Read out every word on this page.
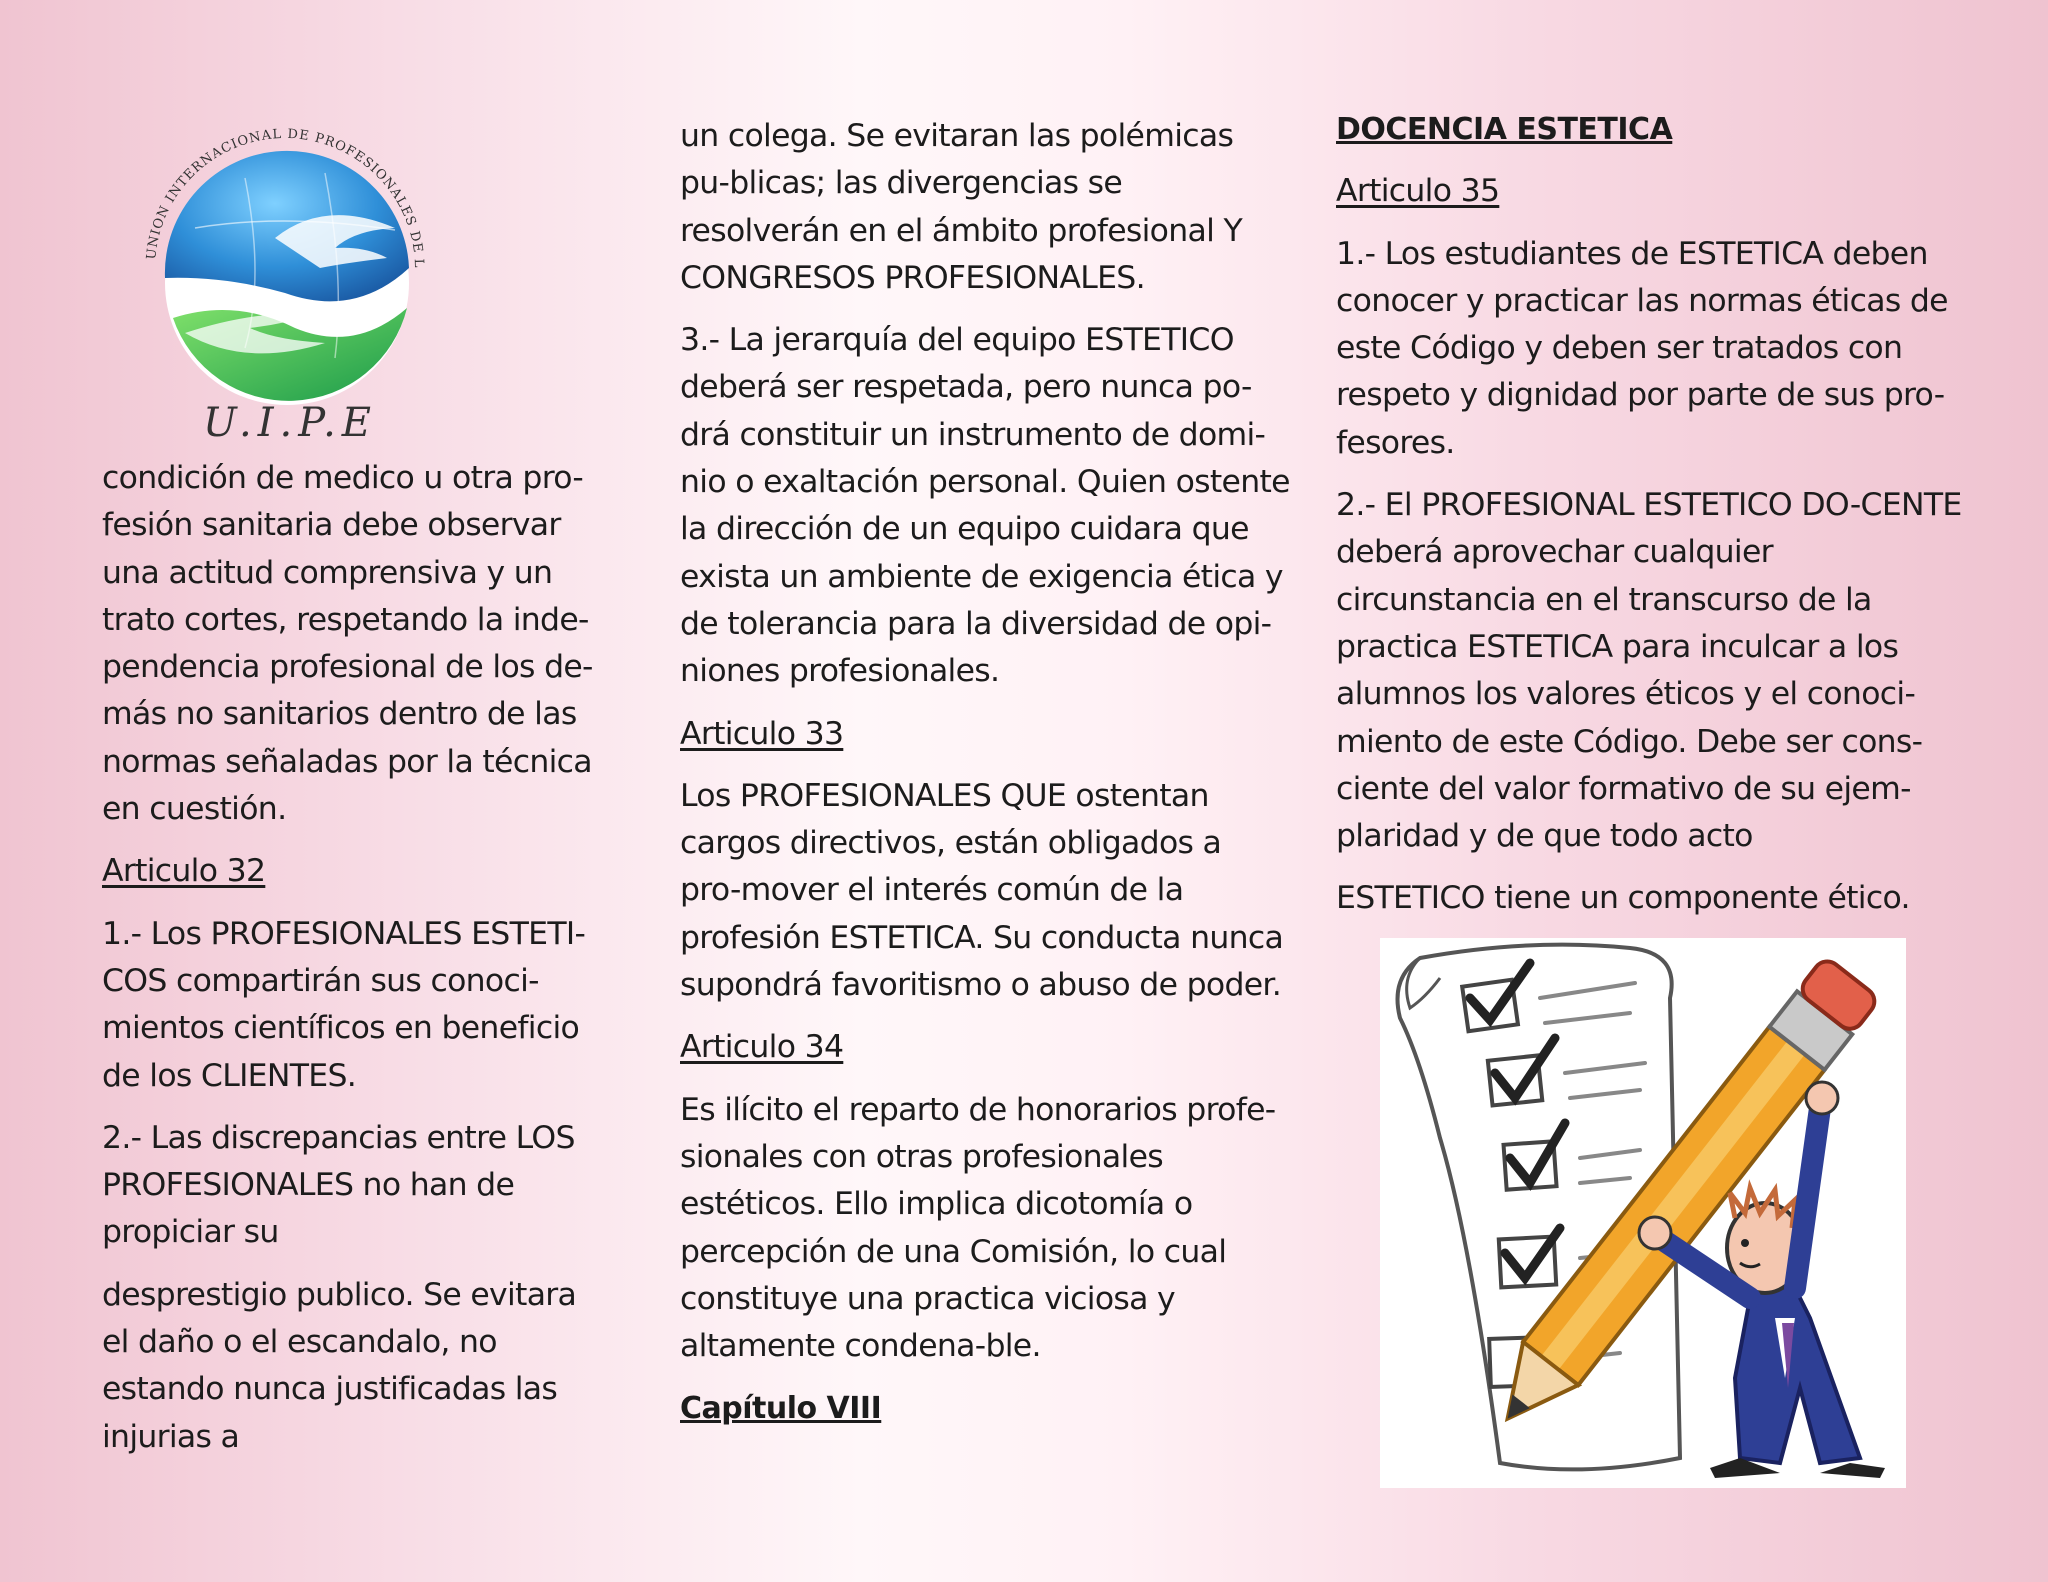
UNION INTERNACIONAL DE PROFESIONALES DE L
U.I.P.E

condición de medico u otra pro-fesión sanitaria debe observar una actitud comprensiva y un trato cortes, respetando la inde-pendencia profesional de los de-más no sanitarios dentro de las normas señaladas por la técnica en cuestión.

Articulo 32

1.- Los PROFESIONALES ESTETI-COS compartirán sus conoci-mientos científicos en beneficio de los CLIENTES.

2.- Las discrepancias entre LOS PROFESIONALES no han de propiciar su

desprestigio publico. Se evitara el daño o el escandalo, no estando nunca justificadas las injurias a

un colega. Se evitaran las polémicas pu-blicas; las divergencias se resolverán en el ámbito profesional Y CONGRESOS PROFESIONALES.

3.- La jerarquía del equipo ESTETICO deberá ser respetada, pero nunca po-drá constituir un instrumento de domi-nio o exaltación personal. Quien ostente la dirección de un equipo cuidara que exista un ambiente de exigencia ética y de tolerancia para la diversidad de opi-niones profesionales.

Articulo 33

Los PROFESIONALES QUE ostentan cargos directivos, están obligados a pro-mover el interés común de la profesión ESTETICA. Su conducta nunca supondrá favoritismo o abuso de poder.

Articulo 34

Es ilícito el reparto de honorarios profe-sionales con otras profesionales estéticos. Ello implica dicotomía o percepción de una Comisión, lo cual constituye una practica viciosa y altamente condena-ble.

Capítulo VIII

DOCENCIA ESTETICA

Articulo 35

1.- Los estudiantes de ESTETICA deben conocer y practicar las normas éticas de este Código y deben ser tratados con respeto y dignidad por parte de sus pro-fesores.

2.- El PROFESIONAL ESTETICO DO-CENTE deberá aprovechar cualquier circunstancia en el transcurso de la practica ESTETICA para inculcar a los alumnos los valores éticos y el conoci-miento de este Código. Debe ser cons-ciente del valor formativo de su ejem-plaridad y de que todo acto

ESTETICO tiene un componente ético.
